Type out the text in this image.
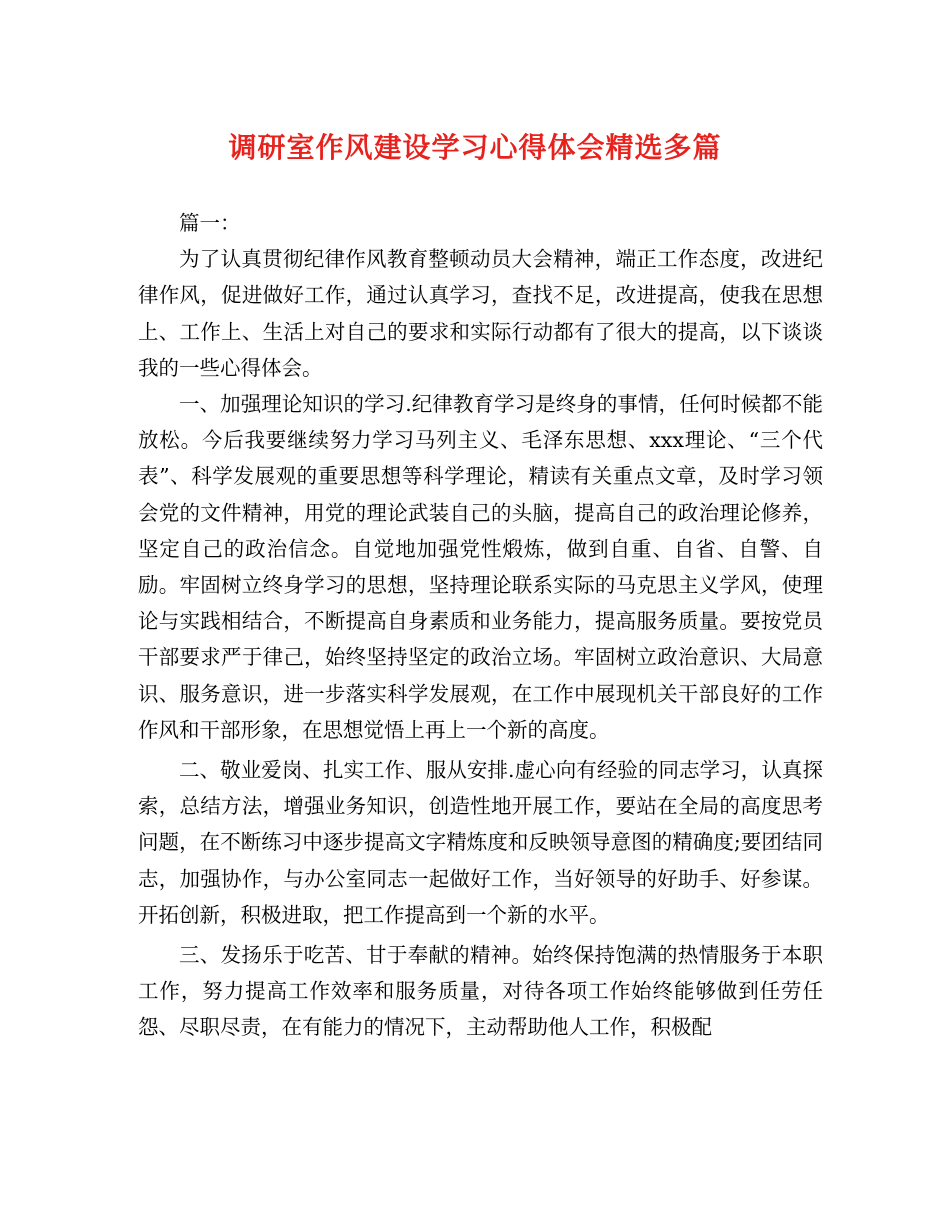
调研室作风建设学习心得体会精选多篇

篇一：

为了认真贯彻纪律作风教育整顿动员大会精神，端正工作态度，改进纪律作风，促进做好工作，通过认真学习，查找不足，改进提高，使我在思想上、工作上、生活上对自己的要求和实际行动都有了很大的提高，以下谈谈我的一些心得体会。

一、加强理论知识的学习.纪律教育学习是终身的事情，任何时候都不能放松。今后我要继续努力学习马列主义、毛泽东思想、xxx理论、“三个代表”、科学发展观的重要思想等科学理论，精读有关重点文章，及时学习领会党的文件精神，用党的理论武装自己的头脑，提高自己的政治理论修养，坚定自己的政治信念。自觉地加强党性煅炼，做到自重、自省、自警、自励。牢固树立终身学习的思想，坚持理论联系实际的马克思主义学风，使理论与实践相结合，不断提高自身素质和业务能力，提高服务质量。要按党员干部要求严于律己，始终坚持坚定的政治立场。牢固树立政治意识、大局意识、服务意识，进一步落实科学发展观，在工作中展现机关干部良好的工作作风和干部形象，在思想觉悟上再上一个新的高度。

二、敬业爱岗、扎实工作、服从安排.虚心向有经验的同志学习，认真探索，总结方法，增强业务知识，创造性地开展工作，要站在全局的高度思考问题，在不断练习中逐步提高文字精炼度和反映领导意图的精确度;要团结同志，加强协作，与办公室同志一起做好工作，当好领导的好助手、好参谋。开拓创新，积极进取，把工作提高到一个新的水平。

三、发扬乐于吃苦、甘于奉献的精神。始终保持饱满的热情服务于本职工作，努力提高工作效率和服务质量，对待各项工作始终能够做到任劳任怨、尽职尽责，在有能力的情况下，主动帮助他人工作，积极配
